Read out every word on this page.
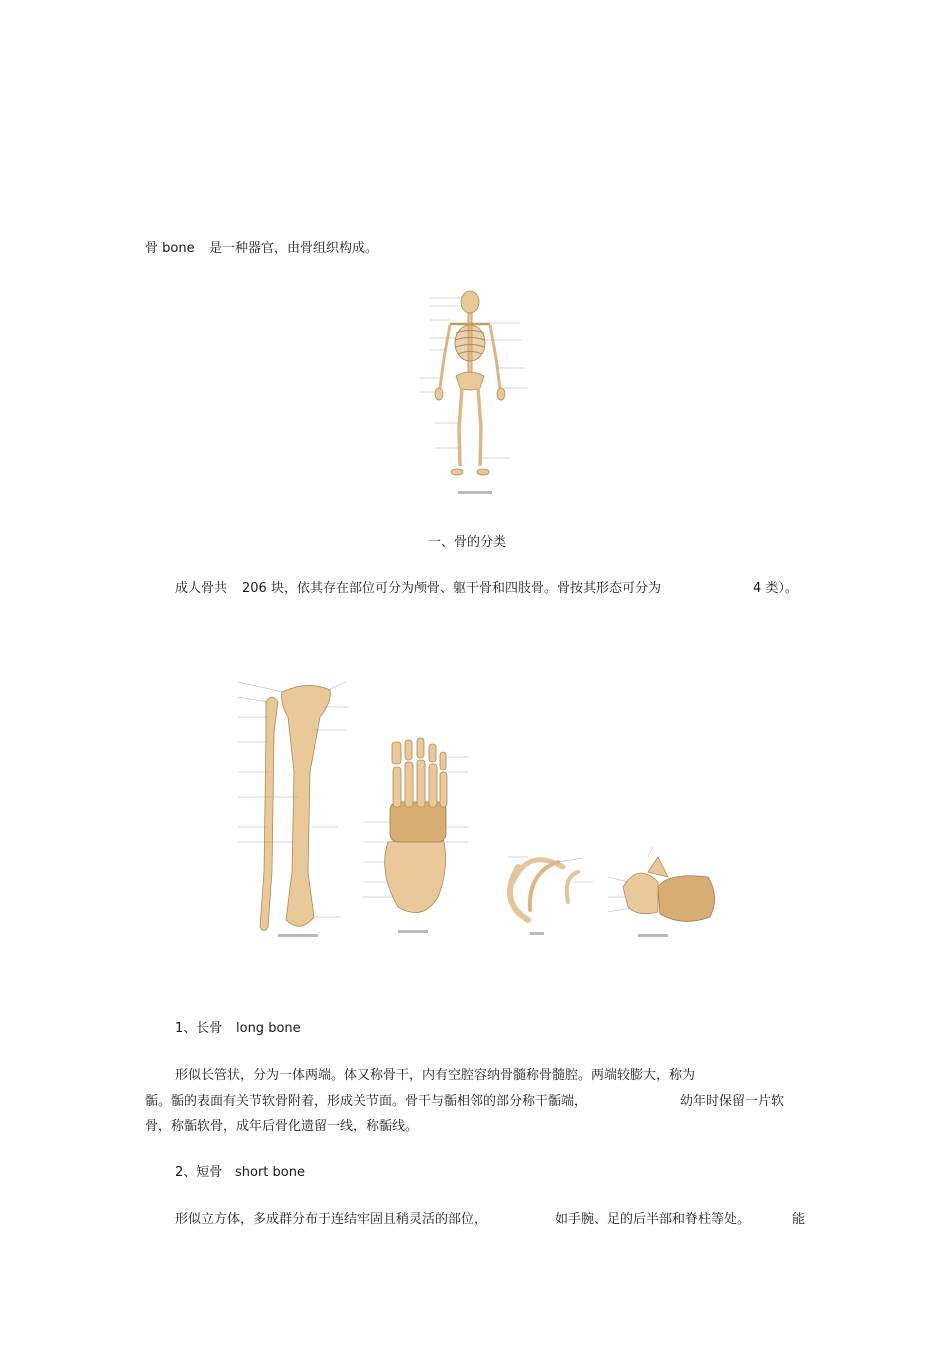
骨 bone 是一种器官，由骨组织构成。
一、骨的分类
成人骨共 206 块，依其存在部位可分为颅骨、躯干骨和四肢骨。骨按其形态可分为	4 类）。
1、长骨 long bone
形似长管状，分为一体两端。体又称骨干，内有空腔容纳骨髓称骨髓腔。两端较膨大，称为
骺。骺的表面有关节软骨附着，形成关节面。骨干与骺相邻的部分称干骺端，	幼年时保留一片软
骨，称骺软骨，成年后骨化遗留一线，称骺线。
2、短骨 short bone
形似立方体，多成群分布于连结牢固且稍灵活的部位，	如手腕、足的后半部和脊柱等处。	能
